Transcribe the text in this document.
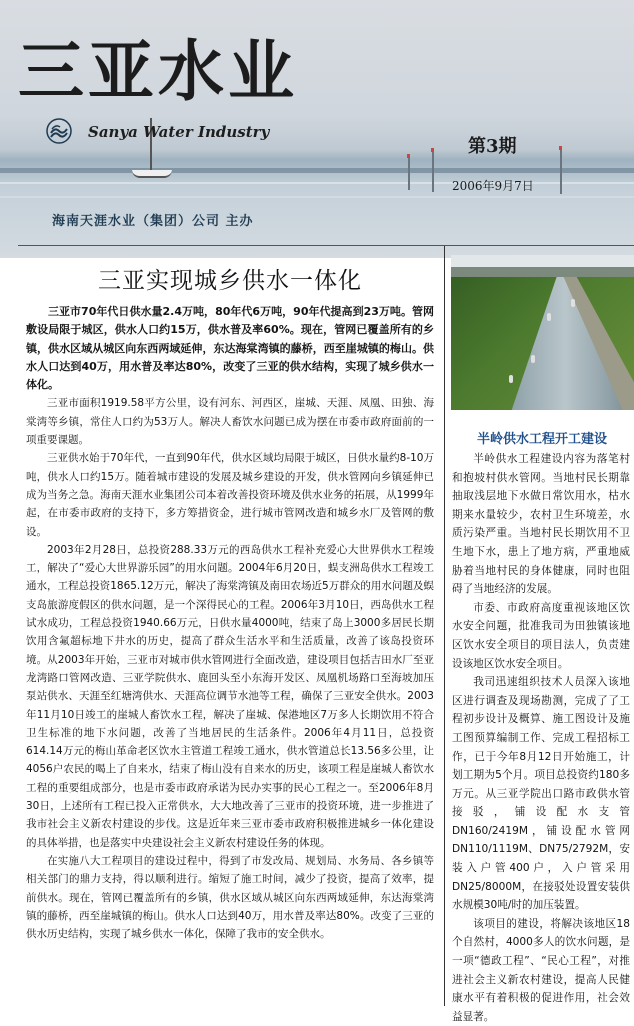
三亚水业
Sanya Water Industry
第3期
2006年9月7日
海南天涯水业（集团）公司 主办
三亚实现城乡供水一体化

三亚市70年代日供水量2.4万吨，80年代6万吨，90年代提高到23万吨。管网敷设局限于城区，供水人口约15万，供水普及率60%。现在，管网已覆盖所有的乡镇，供水区域从城区向东西两域延伸，东达海棠湾镇的藤桥，西至崖城镇的梅山。供水人口达到40万，用水普及率达80%，改变了三亚的供水结构，实现了城乡供水一体化。

三亚市面积1919.58平方公里，设有河东、河西区，崖城、天涯、凤凰、田独、海棠湾等乡镇，常住人口约为53万人。解决人畜饮水问题已成为摆在市委市政府面前的一项重要课题。

三亚供水始于70年代，一直到90年代，供水区域均局限于城区，日供水量约8-10万吨，供水人口约15万。随着城市建设的发展及城乡建设的开发，供水管网向乡镇延伸已成为当务之急。海南天涯水业集团公司本着改善投资环境及供水业务的拓展，从1999年起，在市委市政府的支持下，多方筹措资金，进行城市管网改造和城乡水厂及管网的敷设。

2003年2月28日，总投资288.33万元的西岛供水工程补充爱心大世界供水工程竣工，解决了“爱心大世界游乐园”的用水问题。2004年6月20日，蜈支洲岛供水工程竣工通水，工程总投资1865.12万元，解决了海棠湾镇及南田农场近5万群众的用水问题及蜈支岛旅游度假区的供水问题，是一个深得民心的工程。2006年3月10日，西岛供水工程试水成功，工程总投资1940.66万元，日供水量4000吨，结束了岛上3000多居民长期饮用含氟超标地下井水的历史，提高了群众生活水平和生活质量，改善了该岛投资环境。从2003年开始，三亚市对城市供水管网进行全面改造，建设项目包括吉田水厂至亚龙湾路口管网改造、三亚学院供水、鹿回头至小东海开发区、凤凰机场路口至海坡加压泵站供水、天涯至红塘湾供水、天涯高位调节水池等工程，确保了三亚安全供水。2003年11月10日竣工的崖城人畜饮水工程，解决了崖城、保港地区7万多人长期饮用不符合卫生标准的地下水问题，改善了当地居民的生活条件。2006年4月11日，总投资614.14万元的梅山革命老区饮水主管道工程竣工通水，供水管道总长13.56多公里，让4056户农民的喝上了自来水，结束了梅山没有自来水的历史，该项工程是崖城人畜饮水工程的重要组成部分，也是市委市政府承诺为民办实事的民心工程之一。至2006年8月30日，上述所有工程已投入正常供水，大大地改善了三亚市的投资环境，进一步推进了我市社会主义新农村建设的步伐。这是近年来三亚市委市政府积极推进城乡一体化建设的具体举措，也是落实中央建设社会主义新农村建设任务的体现。

在实施八大工程项目的建设过程中，得到了市发改局、规划局、水务局、各乡镇等相关部门的鼎力支持，得以顺利进行。缩短了施工时间，减少了投资，提高了效率，提前供水。现在，管网已覆盖所有的乡镇，供水区域从城区向东西两域延伸，东达海棠湾镇的藤桥，西至崖城镇的梅山。供水人口达到40万，用水普及率达80%。改变了三亚的供水历史结构，实现了城乡供水一体化，保障了我市的安全供水。

半岭供水工程开工建设

半岭供水工程建设内容为落笔村和抱坡村供水管网。当地村民长期靠抽取浅层地下水做日常饮用水，枯水期来水量较少，农村卫生环境差，水质污染严重。当地村民长期饮用不卫生地下水，患上了地方病，严重地威胁着当地村民的身体健康，同时也阻碍了当地经济的发展。

市委、市政府高度重视该地区饮水安全问题，批准我司为田独镇该地区饮水安全项目的项目法人，负责建设该地区饮水安全项目。

我司迅速组织技术人员深入该地区进行调查及现场勘测，完成了了工程初步设计及概算、施工图设计及施工图预算编制工作、完成工程招标工作，已于今年8月12日开始施工，计划工期为5个月。项目总投资约180多万元。从三亚学院出口路市政供水管接驳，铺设配水支管DN160/2419M，铺设配水管网DN110/1119M、DN75/2792M，安装入户管400户，入户管采用DN25/8000M，在接驳处设置安装供水规模30吨/时的加压装置。

该项目的建设，将解决该地区18个自然村，4000多人的饮水问题，是一项“德政工程”、“民心工程”，对推进社会主义新农村建设，提高人民健康水平有着积极的促进作用，社会效益显著。
